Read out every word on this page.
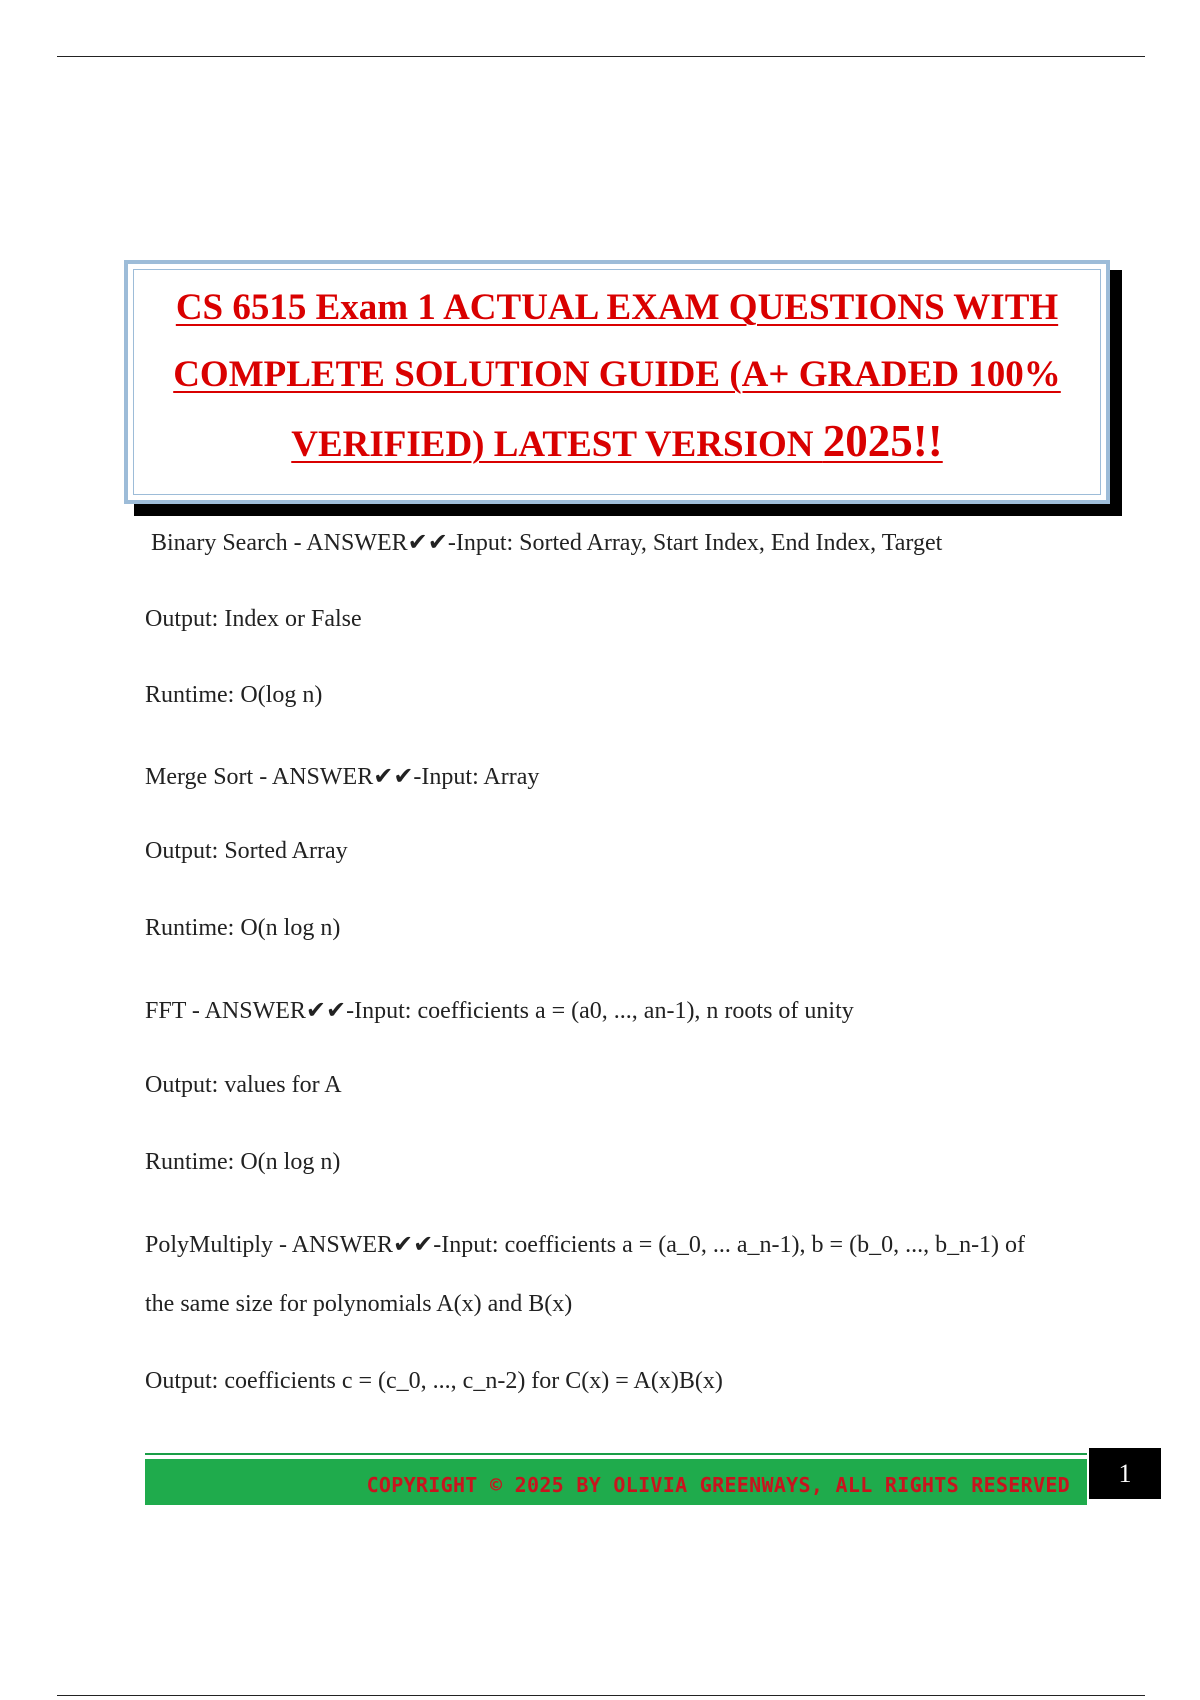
CS 6515 Exam 1 ACTUAL EXAM QUESTIONS WITH
COMPLETE SOLUTION GUIDE (A+ GRADED 100%
VERIFIED) LATEST VERSION 2025!!
Binary Search - ANSWER✔✔-Input: Sorted Array, Start Index, End Index, Target
Output: Index or False
Runtime: O(log n)
Merge Sort - ANSWER✔✔-Input: Array
Output: Sorted Array
Runtime: O(n log n)
FFT - ANSWER✔✔-Input: coefficients a = (a0, ..., an-1), n roots of unity
Output: values for A
Runtime: O(n log n)
PolyMultiply - ANSWER✔✔-Input: coefficients a = (a_0, ... a_n-1), b = (b_0, ..., b_n-1) of
the same size for polynomials A(x) and B(x)
Output: coefficients c = (c_0, ..., c_n-2) for C(x) = A(x)B(x)
COPYRIGHT © 2025 BY OLIVIA GREENWAYS, ALL RIGHTS RESERVED	1
